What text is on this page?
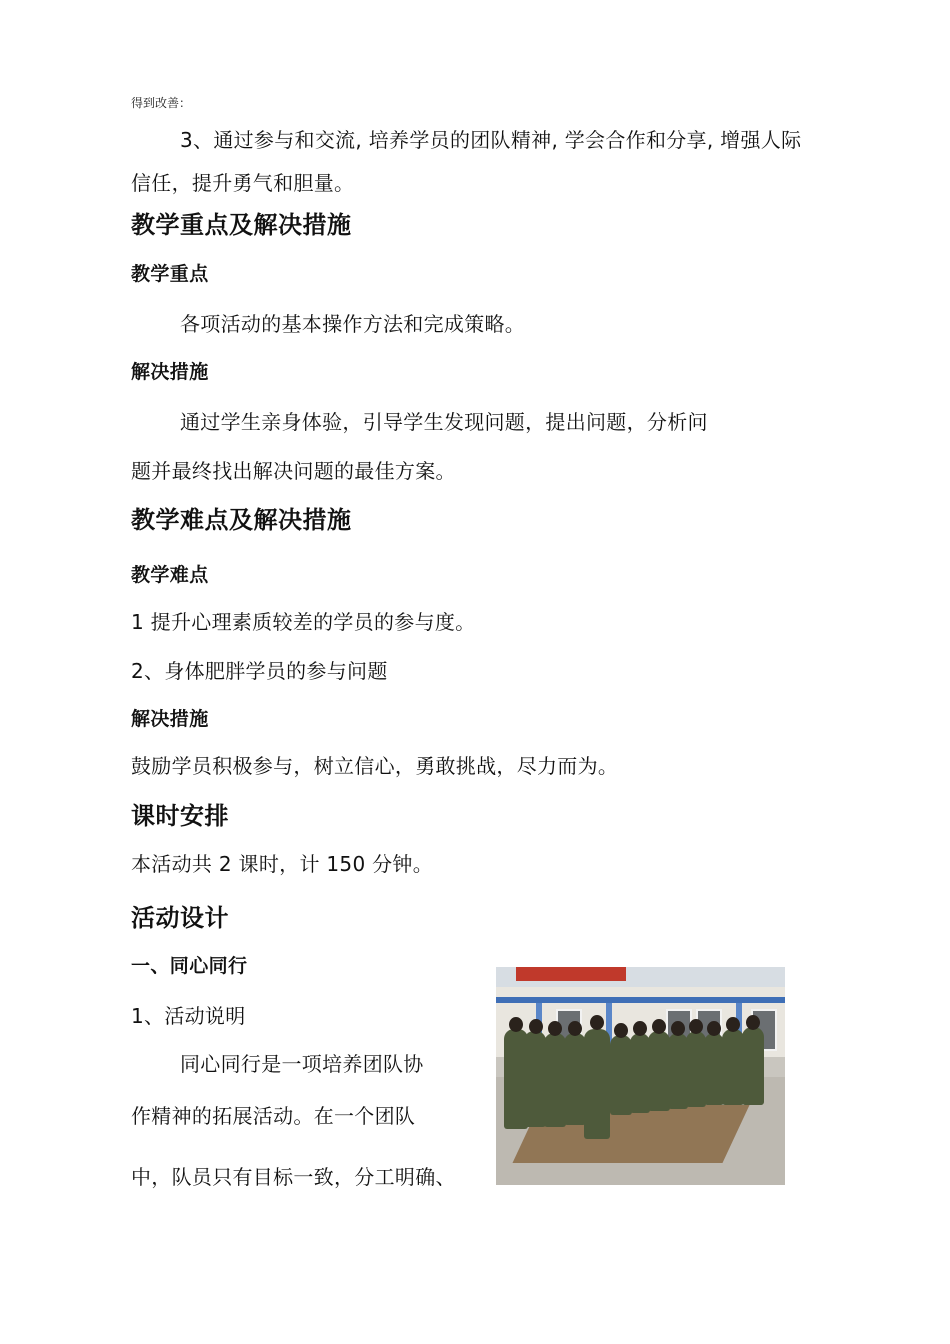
得到改善：
3、通过参与和交流, 培养学员的团队精神, 学会合作和分享, 增强人际
信任，提升勇气和胆量。
教学重点及解决措施
教学重点
各项活动的基本操作方法和完成策略。
解决措施
通过学生亲身体验，引导学生发现问题，提出问题，分析问
题并最终找出解决问题的最佳方案。
教学难点及解决措施
教学难点
1 提升心理素质较差的学员的参与度。
2、身体肥胖学员的参与问题
解决措施
鼓励学员积极参与，树立信心，勇敢挑战，尽力而为。
课时安排
本活动共 2 课时，计 150 分钟。
活动设计
一、同心同行
1、活动说明
同心同行是一项培养团队协
作精神的拓展活动。在一个团队
中，队员只有目标一致，分工明确、
